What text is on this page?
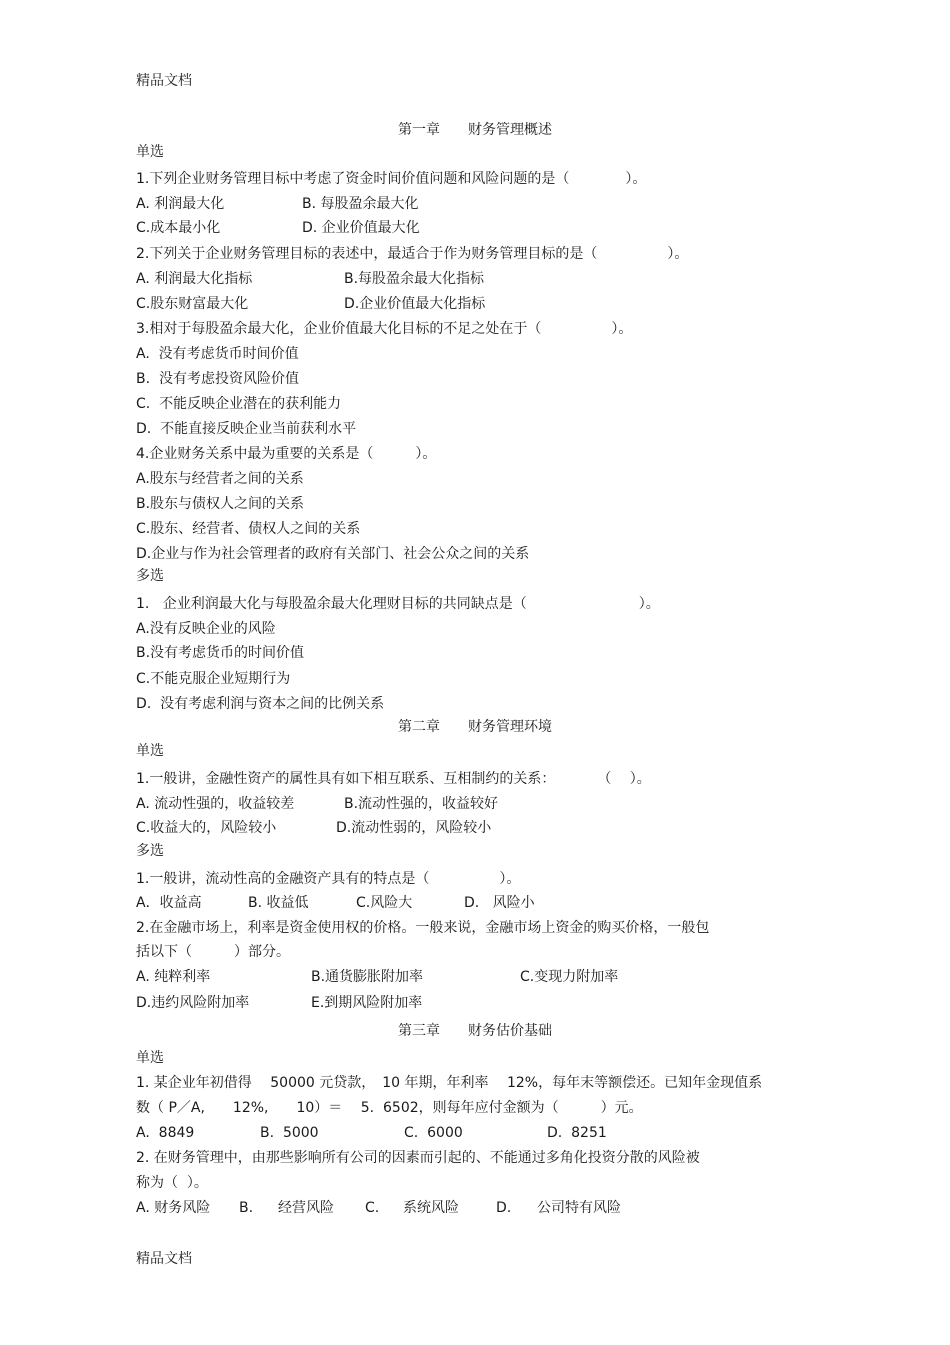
精品文档
第一章　　财务管理概述
单选
1.下列企业财务管理目标中考虑了资金时间价值问题和风险问题的是（　　　　）。
A. 利润最大化	B. 每股盈余最大化
C.成本最小化	D. 企业价值最大化
2.下列关于企业财务管理目标的表述中，最适合于作为财务管理目标的是（　　　　　）。
A. 利润最大化指标	B.每股盈余最大化指标
C.股东财富最大化	D.企业价值最大化指标
3.相对于每股盈余最大化，企业价值最大化目标的不足之处在于（　　　　　）。
A.  没有考虑货币时间价值
B.  没有考虑投资风险价值
C.  不能反映企业潜在的获利能力
D.  不能直接反映企业当前获利水平
4.企业财务关系中最为重要的关系是（　　　）。
A.股东与经营者之间的关系
B.股东与债权人之间的关系
C.股东、经营者、债权人之间的关系
D.企业与作为社会管理者的政府有关部门、社会公众之间的关系
多选
1.   企业利润最大化与每股盈余最大化理财目标的共同缺点是（　　　　　　　　）。
A.没有反映企业的风险
B.没有考虑货币的时间价值
C.不能克服企业短期行为
D.  没有考虑利润与资本之间的比例关系
第二章　　财务管理环境
单选
1.一般讲，金融性资产的属性具有如下相互联系、互相制约的关系：　　　　（　 ）。
A. 流动性强的，收益较差	B.流动性强的，收益较好
C.收益大的，风险较小	D.流动性弱的，风险较小
多选
1.一般讲，流动性高的金融资产具有的特点是（　　　　　）。
A．收益高	B. 收益低	C.风险大	D.   风险小
2.在金融市场上，利率是资金使用权的价格。一般来说，金融市场上资金的购买价格，一般包
括以下（　　　）部分。
A. 纯粹利率	B.通货膨胀附加率	C.变现力附加率
D.违约风险附加率	E.到期风险附加率
第三章　　财务估价基础
单选
1. 某企业年初借得　 50000 元贷款，　10 年期，年利率　 12%，每年末等额偿还。已知年金现值系
数（ P／A,　　12%,　　10）＝　 5.  6502，则每年应付金额为（　　　）元。
A.  8849	B.  5000	C.  6000	D.  8251
2. 在财务管理中，由那些影响所有公司的因素而引起的、不能通过多角化投资分散的风险被
称为（  ）。
A. 财务风险 B. 经营风险 C. 系统风险	D. 公司特有风险
精品文档
